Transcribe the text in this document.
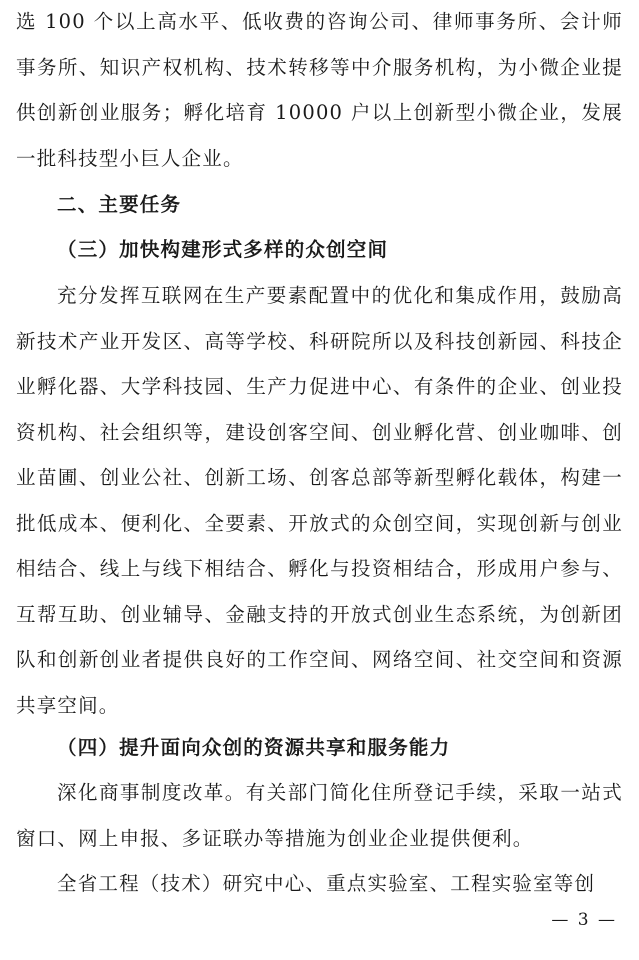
选 100 个以上高水平、低收费的咨询公司、律师事务所、会计师事务所、知识产权机构、技术转移等中介服务机构，为小微企业提供创新创业服务；孵化培育 10000 户以上创新型小微企业，发展一批科技型小巨人企业。

二、主要任务

（三）加快构建形式多样的众创空间

充分发挥互联网在生产要素配置中的优化和集成作用，鼓励高新技术产业开发区、高等学校、科研院所以及科技创新园、科技企业孵化器、大学科技园、生产力促进中心、有条件的企业、创业投资机构、社会组织等，建设创客空间、创业孵化营、创业咖啡、创业苗圃、创业公社、创新工场、创客总部等新型孵化载体，构建一批低成本、便利化、全要素、开放式的众创空间，实现创新与创业相结合、线上与线下相结合、孵化与投资相结合，形成用户参与、互帮互助、创业辅导、金融支持的开放式创业生态系统，为创新团队和创新创业者提供良好的工作空间、网络空间、社交空间和资源共享空间。

（四）提升面向众创的资源共享和服务能力

深化商事制度改革。有关部门简化住所登记手续，采取一站式窗口、网上申报、多证联办等措施为创业企业提供便利。

全省工程（技术）研究中心、重点实验室、工程实验室等创

— 3 —
